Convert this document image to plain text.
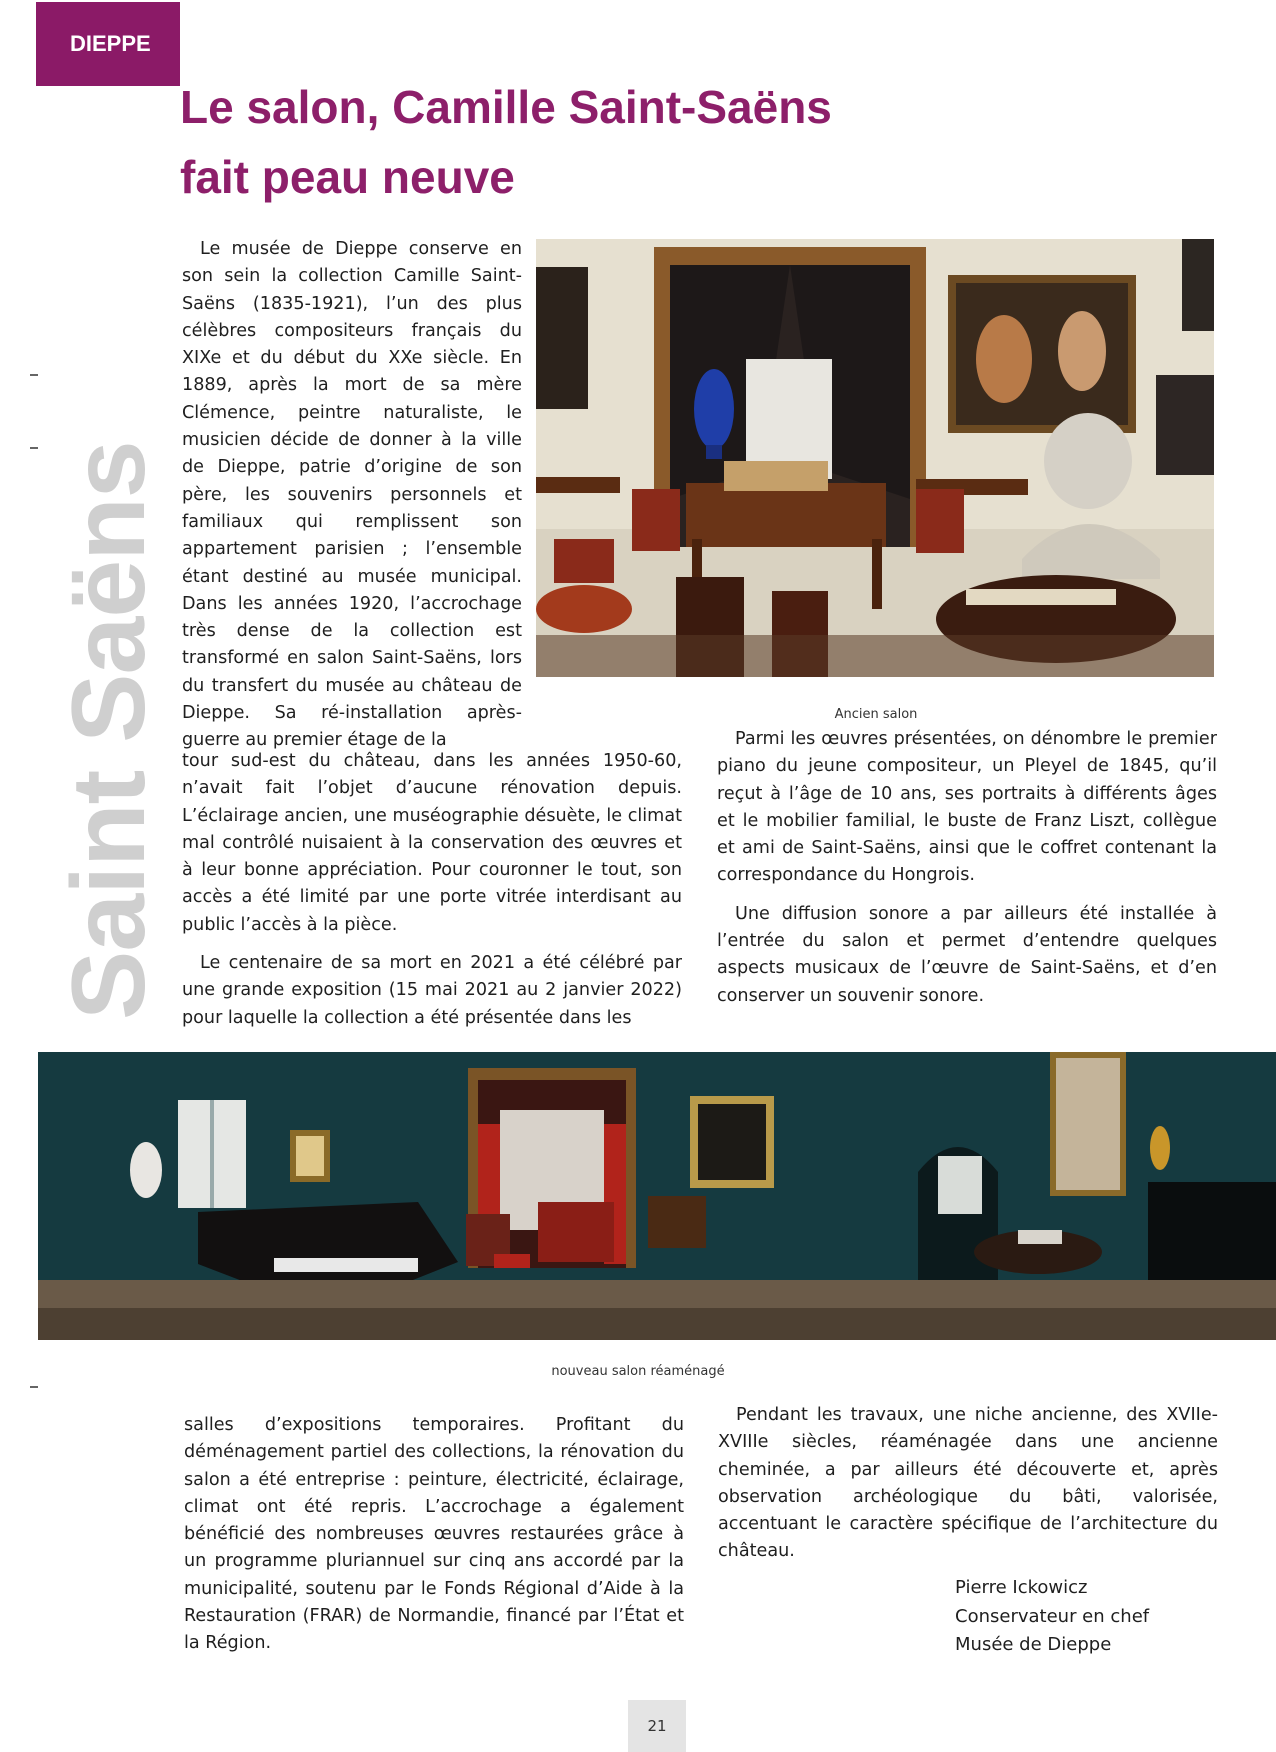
DIEPPE
Saint Saëns
Le salon, Camille Saint-Saëns
fait peau neuve

Le musée de Dieppe conserve en son sein la collection Camille Saint-Saëns (1835-1921), l’un des plus célèbres compositeurs français du XIXe et du début du XXe siècle. En 1889, après la mort de sa mère Clémence, peintre naturaliste, le musicien décide de donner à la ville de Dieppe, patrie d’origine de son père, les souvenirs personnels et familiaux qui remplissent son appartement parisien ; l’ensemble étant destiné au musée municipal. Dans les années 1920, l’accrochage très dense de la collection est transformé en salon Saint-Saëns, lors du transfert du musée au château de Dieppe. Sa ré-installation après-guerre au premier étage de la

tour sud-est du château, dans les années 1950-60, n’avait fait l’objet d’aucune rénovation depuis. L’éclairage ancien, une muséographie désuète, le climat mal contrôlé nuisaient à la conservation des œuvres et à leur bonne appréciation. Pour couronner le tout, son accès a été limité par une porte vitrée interdisant au public l’accès à la pièce.

Le centenaire de sa mort en 2021 a été célébré par une grande exposition (15 mai 2021 au 2 janvier 2022) pour laquelle la collection a été présentée dans les

Parmi les œuvres présentées, on dénombre le premier piano du jeune compositeur, un Pleyel de 1845, qu’il reçut à l’âge de 10 ans, ses portraits à différents âges et le mobilier familial, le buste de Franz Liszt, collègue et ami de Saint-Saëns, ainsi que le coffret contenant la correspondance du Hongrois.

Une diffusion sonore a par ailleurs été installée à l’entrée du salon et permet d’entendre quelques aspects musicaux de l’œuvre de Saint-Saëns, et d’en conserver un souvenir sonore.

salles d’expositions temporaires. Profitant du déménagement partiel des collections, la rénovation du salon a été entreprise : peinture, électricité, éclairage, climat ont été repris. L’accrochage a également bénéficié des nombreuses œuvres restaurées grâce à un programme pluriannuel sur cinq ans accordé par la municipalité, soutenu par le Fonds Régional d’Aide à la Restauration (FRAR) de Normandie, financé par l’État et la Région.

Pendant les travaux, une niche ancienne, des XVIIe-XVIIIe siècles, réaménagée dans une ancienne cheminée, a par ailleurs été découverte et, après observation archéologique du bâti, valorisée, accentuant le caractère spécifique de l’architecture du château.

Pierre Ickowicz
Conservateur en chef
Musée de Dieppe
Ancien salon
nouveau salon réaménagé
21
